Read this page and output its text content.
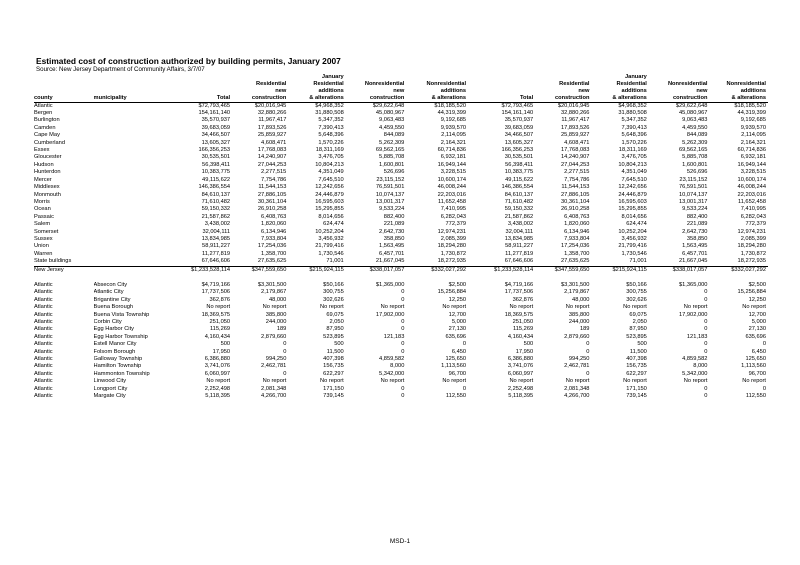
Estimated cost of construction authorized by building permits, January 2007
Source: New Jersey Department of Community Affairs, 3/7/07
				January					January		
			Residential	Residential	Nonresidential	Nonresidential		Residential	Residential	Nonresidential	Nonresidential
			new	additions	new	additions		new	additions	new	additions
county	municipality	Total	construction	& alterations	construction	& alterations	Total	construction	& alterations	construction	& alterations
Atlantic		$72,793,465	$20,016,945	$4,968,352	$29,622,648	$18,185,520	$72,793,465	$20,016,945	$4,968,352	$29,622,648	$18,185,520
Bergen		154,161,140	32,880,266	31,880,508	45,080,967	44,319,399	154,161,140	32,880,266	31,880,508	45,080,967	44,319,399
Burlington		35,570,937	11,967,417	5,347,352	9,063,483	9,192,685	35,570,937	11,967,417	5,347,352	9,063,483	9,192,685
Camden		39,683,059	17,893,526	7,390,413	4,459,550	9,939,570	39,683,059	17,893,526	7,390,413	4,459,550	9,939,570
Cape May		34,466,507	25,859,927	5,648,396	844,089	2,114,095	34,466,507	25,859,927	5,648,396	844,089	2,114,095
Cumberland		13,605,327	4,608,471	1,570,226	5,262,309	2,164,321	13,605,327	4,608,471	1,570,226	5,262,309	2,164,321
Essex		166,356,253	17,768,083	18,311,169	69,562,165	60,714,836	166,356,253	17,768,083	18,311,169	69,562,165	60,714,836
Gloucester		30,535,501	14,240,907	3,476,705	5,885,708	6,932,181	30,535,501	14,240,907	3,476,705	5,885,708	6,932,181
Hudson		56,398,411	27,044,253	10,804,213	1,600,801	16,949,144	56,398,411	27,044,253	10,804,213	1,600,801	16,949,144
Hunterdon		10,383,775	2,277,515	4,351,049	526,696	3,228,515	10,383,775	2,277,515	4,351,049	526,696	3,228,515
Mercer		49,115,622	7,754,786	7,645,510	23,115,152	10,600,174	49,115,622	7,754,786	7,645,510	23,115,152	10,600,174
Middlesex		146,386,554	11,544,153	12,242,656	76,591,501	46,008,244	146,386,554	11,544,153	12,242,656	76,591,501	46,008,244
Monmouth		84,610,137	27,886,105	24,446,879	10,074,137	22,203,016	84,610,137	27,886,105	24,446,879	10,074,137	22,203,016
Morris		71,610,482	30,361,104	16,595,603	13,001,317	11,652,458	71,610,482	30,361,104	16,595,603	13,001,317	11,652,458
Ocean		59,150,332	26,910,258	15,295,855	9,533,224	7,410,995	59,150,332	26,910,258	15,295,855	9,533,224	7,410,995
Passaic		21,587,862	6,408,763	8,014,656	882,400	6,282,043	21,587,862	6,408,763	8,014,656	882,400	6,282,043
Salem		3,438,002	1,820,060	624,474	221,089	772,379	3,438,002	1,820,060	624,474	221,089	772,379
Somerset		32,004,111	6,134,946	10,252,204	2,642,730	12,974,231	32,004,111	6,134,946	10,252,204	2,642,730	12,974,231
Sussex		13,834,985	7,933,804	3,456,932	358,850	2,085,399	13,834,985	7,933,804	3,456,932	358,850	2,085,399
Union		58,911,227	17,254,036	21,799,416	1,563,495	18,294,280	58,911,227	17,254,036	21,799,416	1,563,495	18,294,280
Warren		11,277,819	1,358,700	1,730,546	6,457,701	1,730,872	11,277,819	1,358,700	1,730,546	6,457,701	1,730,872
State buildings		67,646,606	27,635,625	71,001	21,667,045	18,272,935	67,646,606	27,635,625	71,001	21,667,045	18,272,935

New Jersey		$1,233,528,114	$347,559,650	$215,924,115	$338,017,057	$332,027,292	$1,233,528,114	$347,559,650	$215,924,115	$338,017,057	$332,027,292

Atlantic	Absecon City	$4,719,166	$3,301,500	$50,166	$1,365,000	$2,500	$4,719,166	$3,301,500	$50,166	$1,365,000	$2,500
Atlantic	Atlantic City	17,737,506	2,179,867	300,755	0	15,256,884	17,737,506	2,179,867	300,755	0	15,256,884
Atlantic	Brigantine City	362,876	48,000	302,626	0	12,250	362,876	48,000	302,626	0	12,250
Atlantic	Buena Borough	No report	No report	No report	No report	No report	No report	No report	No report	No report	No report
Atlantic	Buena Vista Township	18,369,575	385,800	69,075	17,902,000	12,700	18,369,575	385,800	69,075	17,902,000	12,700
Atlantic	Corbin City	251,050	244,000	2,050	0	5,000	251,050	244,000	2,050	0	5,000
Atlantic	Egg Harbor City	115,269	189	87,950	0	27,130	115,269	189	87,950	0	27,130
Atlantic	Egg Harbor Township	4,160,434	2,879,660	523,895	121,183	635,696	4,160,434	2,879,660	523,895	121,183	635,696
Atlantic	Estell Manor City	500	0	500	0	0	500	0	500	0	0
Atlantic	Folsom Borough	17,950	0	11,500	0	6,450	17,950	0	11,500	0	6,450
Atlantic	Galloway Township	6,386,880	994,250	407,398	4,859,582	125,650	6,386,880	994,250	407,398	4,859,582	125,650
Atlantic	Hamilton Township	3,741,076	2,462,781	156,735	8,000	1,113,560	3,741,076	2,462,781	156,735	8,000	1,113,560
Atlantic	Hammonton Township	6,060,997	0	622,297	5,342,000	96,700	6,060,997	0	622,297	5,342,000	96,700
Atlantic	Linwood City	No report	No report	No report	No report	No report	No report	No report	No report	No report	No report
Atlantic	Longport City	2,252,498	2,081,348	171,150	0	0	2,252,498	2,081,348	171,150	0	0
Atlantic	Margate City	5,118,395	4,266,700	739,145	0	112,550	5,118,395	4,266,700	739,145	0	112,550
MSD-1
